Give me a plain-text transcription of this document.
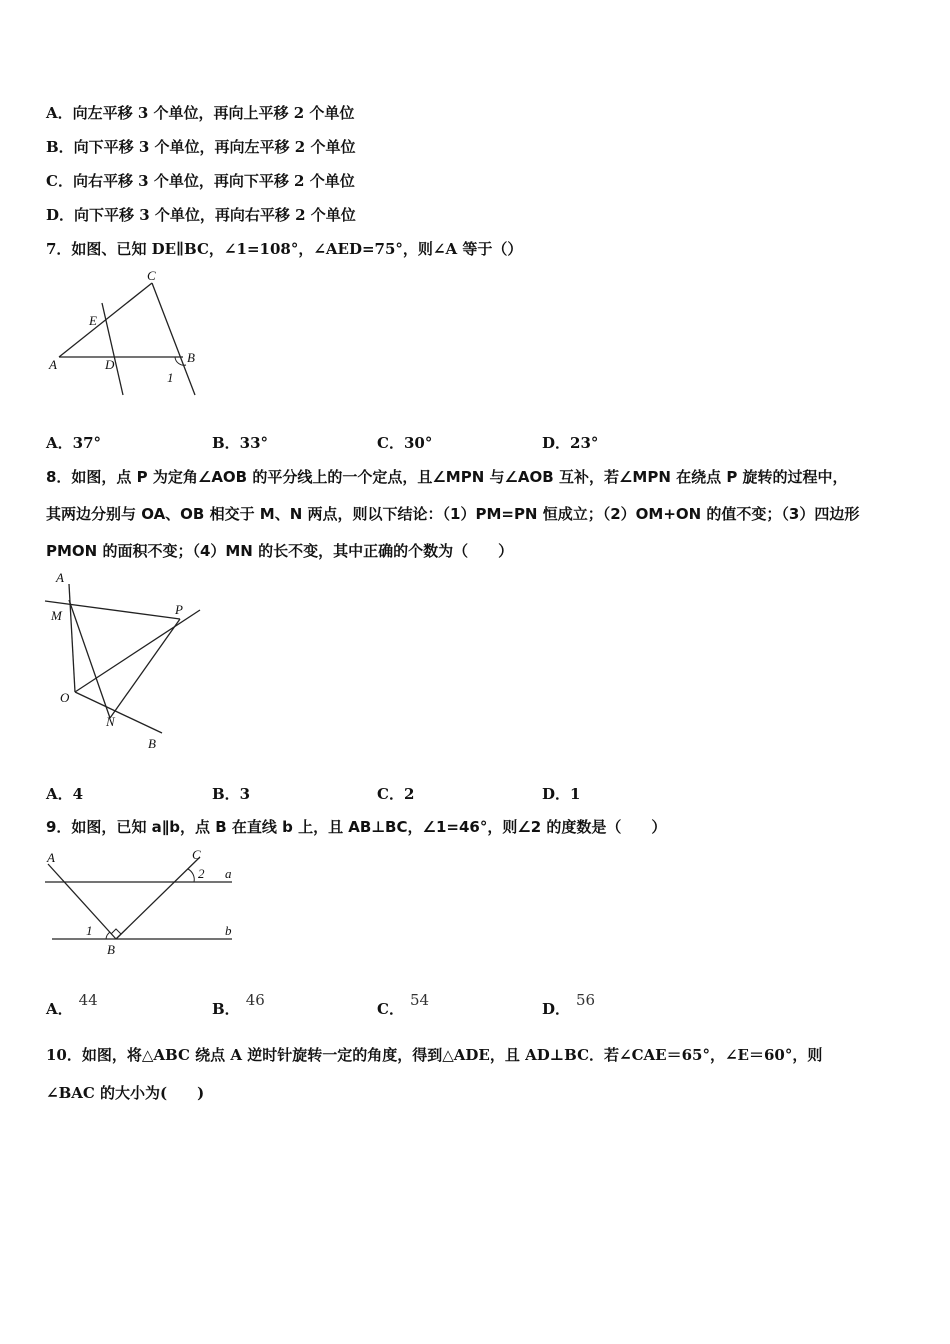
A．向左平移 3 个单位，再向上平移 2 个单位
B．向下平移 3 个单位，再向左平移 2 个单位
C．向右平移 3 个单位，再向下平移 2 个单位
D．向下平移 3 个单位，再向右平移 2 个单位
7．如图、已知 DE∥BC，∠1=108°，∠AED=75°，则∠A 等于（）
C
E
A	D	B
1
A．37°	B．33°	C．30°	D．23°
8．如图，点 P 为定角∠AOB 的平分线上的一个定点，且∠MPN 与∠AOB 互补，若∠MPN 在绕点 P 旋转的过程中，
其两边分别与 OA、OB 相交于 M、N 两点，则以下结论：（1）PM=PN 恒成立；（2）OM+ON 的值不变；（3）四边形
PMON 的面积不变；（4）MN 的长不变，其中正确的个数为（　　）
A
M	P
O
N
B
A．4	B．3	C．2	D．1
9．如图，已知 a∥b，点 B 在直线 b 上，且 AB⊥BC，∠1=46°，则∠2 的度数是（　　）
A	C
2 a
1
B
b
A． 44	B． 46	C． 54	D． 56
10．如图，将△ABC 绕点 A 逆时针旋转一定的角度，得到△ADE，且 AD⊥BC．若∠CAE＝65°，∠E＝60°，则
∠BAC 的大小为(　　)
